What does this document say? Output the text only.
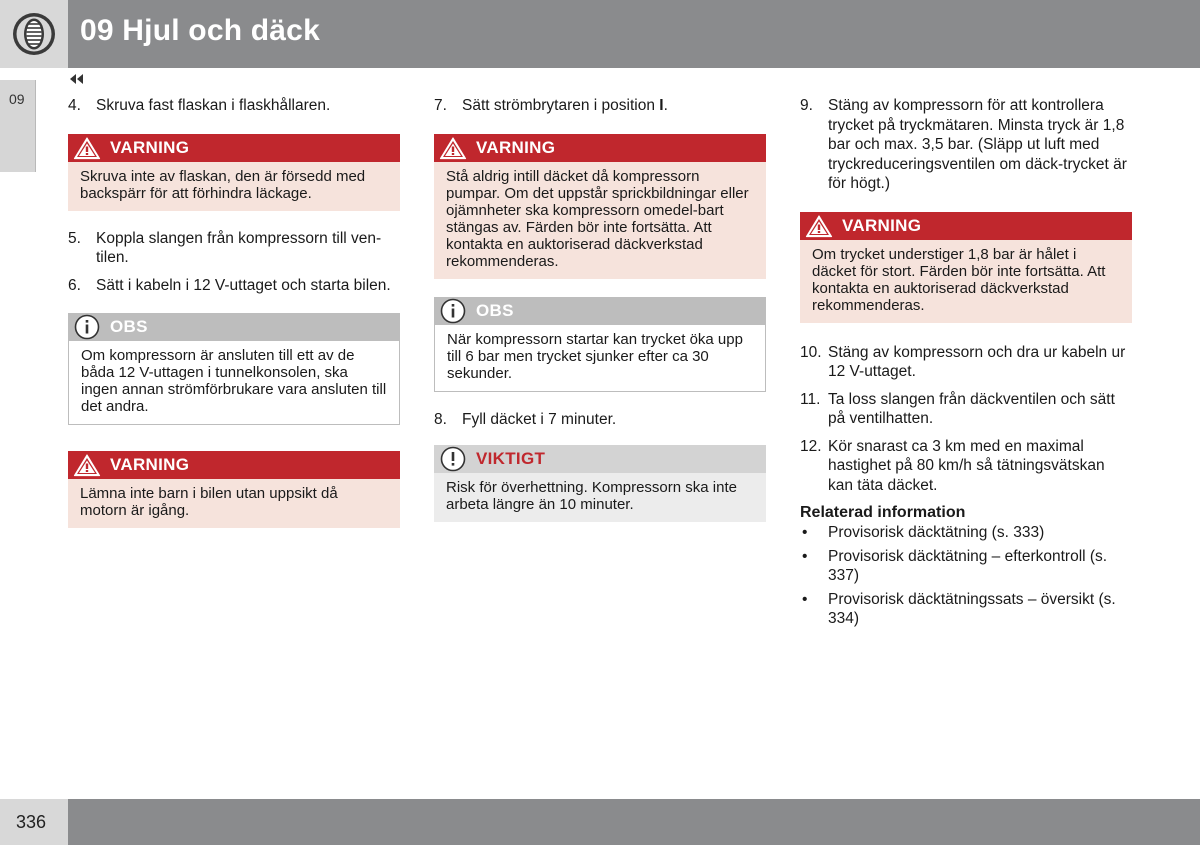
09 Hjul och däck
09	4. Skruva fast flaskan i flaskhållaren.
VARNING
Skruva inte av flaskan, den är försedd med backspärr för att förhindra läckage.
5. Koppla slangen från kompressorn till ven-tilen.
6. Sätt i kabeln i 12 V-uttaget och starta bilen.
OBS
Om kompressorn är ansluten till ett av de båda 12 V-uttagen i tunnelkonsolen, ska ingen annan strömförbrukare vara ansluten till det andra.
VARNING
Lämna inte barn i bilen utan uppsikt då motorn är igång.
7. Sätt strömbrytaren i position I.
VARNING
Stå aldrig intill däcket då kompressorn pumpar. Om det uppstår sprickbildningar eller ojämnheter ska kompressorn omedel-bart stängas av. Färden bör inte fortsätta. Att kontakta en auktoriserad däckverkstad rekommenderas.
OBS
När kompressorn startar kan trycket öka upp till 6 bar men trycket sjunker efter ca 30 sekunder.
8. Fyll däcket i 7 minuter.
VIKTIGT
Risk för överhettning. Kompressorn ska inte arbeta längre än 10 minuter.
9. Stäng av kompressorn för att kontrollera trycket på tryckmätaren. Minsta tryck är 1,8 bar och max. 3,5 bar. (Släpp ut luft med tryckreduceringsventilen om däck-trycket är för högt.)
VARNING
Om trycket understiger 1,8 bar är hålet i däcket för stort. Färden bör inte fortsätta. Att kontakta en auktoriserad däckverkstad rekommenderas.
10. Stäng av kompressorn och dra ur kabeln ur 12 V-uttaget.
11. Ta loss slangen från däckventilen och sätt på ventilhatten.
12. Kör snarast ca 3 km med en maximal hastighet på 80 km/h så tätningsvätskan kan täta däcket.
Relaterad information
• Provisorisk däcktätning (s. 333)
• Provisorisk däcktätning – efterkontroll (s. 337)
• Provisorisk däcktätningssats – översikt (s. 334)
336
